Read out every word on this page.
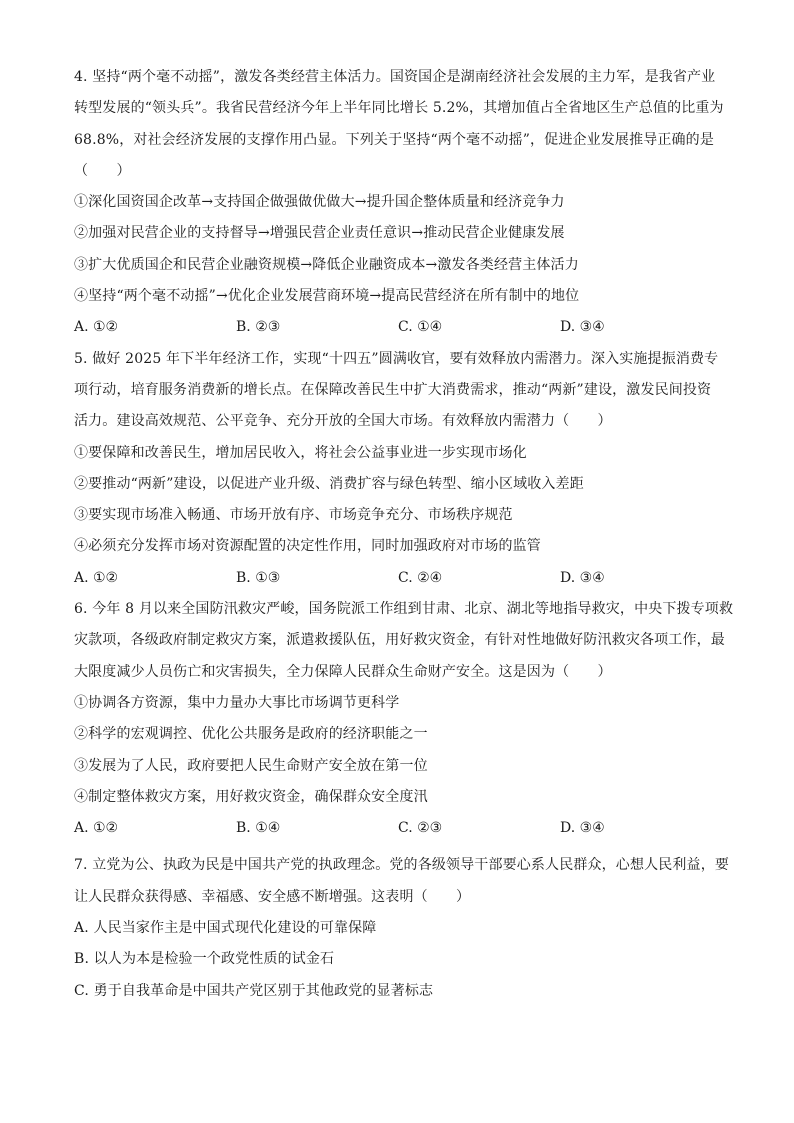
4. 坚持“两个毫不动摇”，激发各类经营主体活力。国资国企是湖南经济社会发展的主力军，是我省产业
转型发展的“领头兵”。我省民营经济今年上半年同比增长 5.2%，其增加值占全省地区生产总值的比重为
68.8%，对社会经济发展的支撑作用凸显。下列关于坚持“两个毫不动摇”，促进企业发展推导正确的是
（　　）
①深化国资国企改革→支持国企做强做优做大→提升国企整体质量和经济竞争力
②加强对民营企业的支持督导→增强民营企业责任意识→推动民营企业健康发展
③扩大优质国企和民营企业融资规模→降低企业融资成本→激发各类经营主体活力
④坚持“两个毫不动摇”→优化企业发展营商环境→提高民营经济在所有制中的地位
A. ①②	B. ②③	C. ①④	D. ③④
5. 做好 2025 年下半年经济工作，实现“十四五”圆满收官，要有效释放内需潜力。深入实施提振消费专
项行动，培育服务消费新的增长点。在保障改善民生中扩大消费需求，推动“两新”建设，激发民间投资
活力。建设高效规范、公平竞争、充分开放的全国大市场。有效释放内需潜力（　　）
①要保障和改善民生，增加居民收入，将社会公益事业进一步实现市场化
②要推动“两新”建设，以促进产业升级、消费扩容与绿色转型、缩小区域收入差距
③要实现市场准入畅通、市场开放有序、市场竞争充分、市场秩序规范
④必须充分发挥市场对资源配置的决定性作用，同时加强政府对市场的监管
A. ①②	B. ①③	C. ②④	D. ③④
6. 今年 8 月以来全国防汛救灾严峻，国务院派工作组到甘肃、北京、湖北等地指导救灾，中央下拨专项救
灾款项，各级政府制定救灾方案，派遣救援队伍，用好救灾资金，有针对性地做好防汛救灾各项工作，最
大限度减少人员伤亡和灾害损失，全力保障人民群众生命财产安全。这是因为（　　）
①协调各方资源，集中力量办大事比市场调节更科学
②科学的宏观调控、优化公共服务是政府的经济职能之一
③发展为了人民，政府要把人民生命财产安全放在第一位
④制定整体救灾方案，用好救灾资金，确保群众安全度汛
A. ①②	B. ①④	C. ②③	D. ③④
7. 立党为公、执政为民是中国共产党的执政理念。党的各级领导干部要心系人民群众，心想人民利益，要
让人民群众获得感、幸福感、安全感不断增强。这表明（　　）
A. 人民当家作主是中国式现代化建设的可靠保障
B. 以人为本是检验一个政党性质的试金石
C. 勇于自我革命是中国共产党区别于其他政党的显著标志
